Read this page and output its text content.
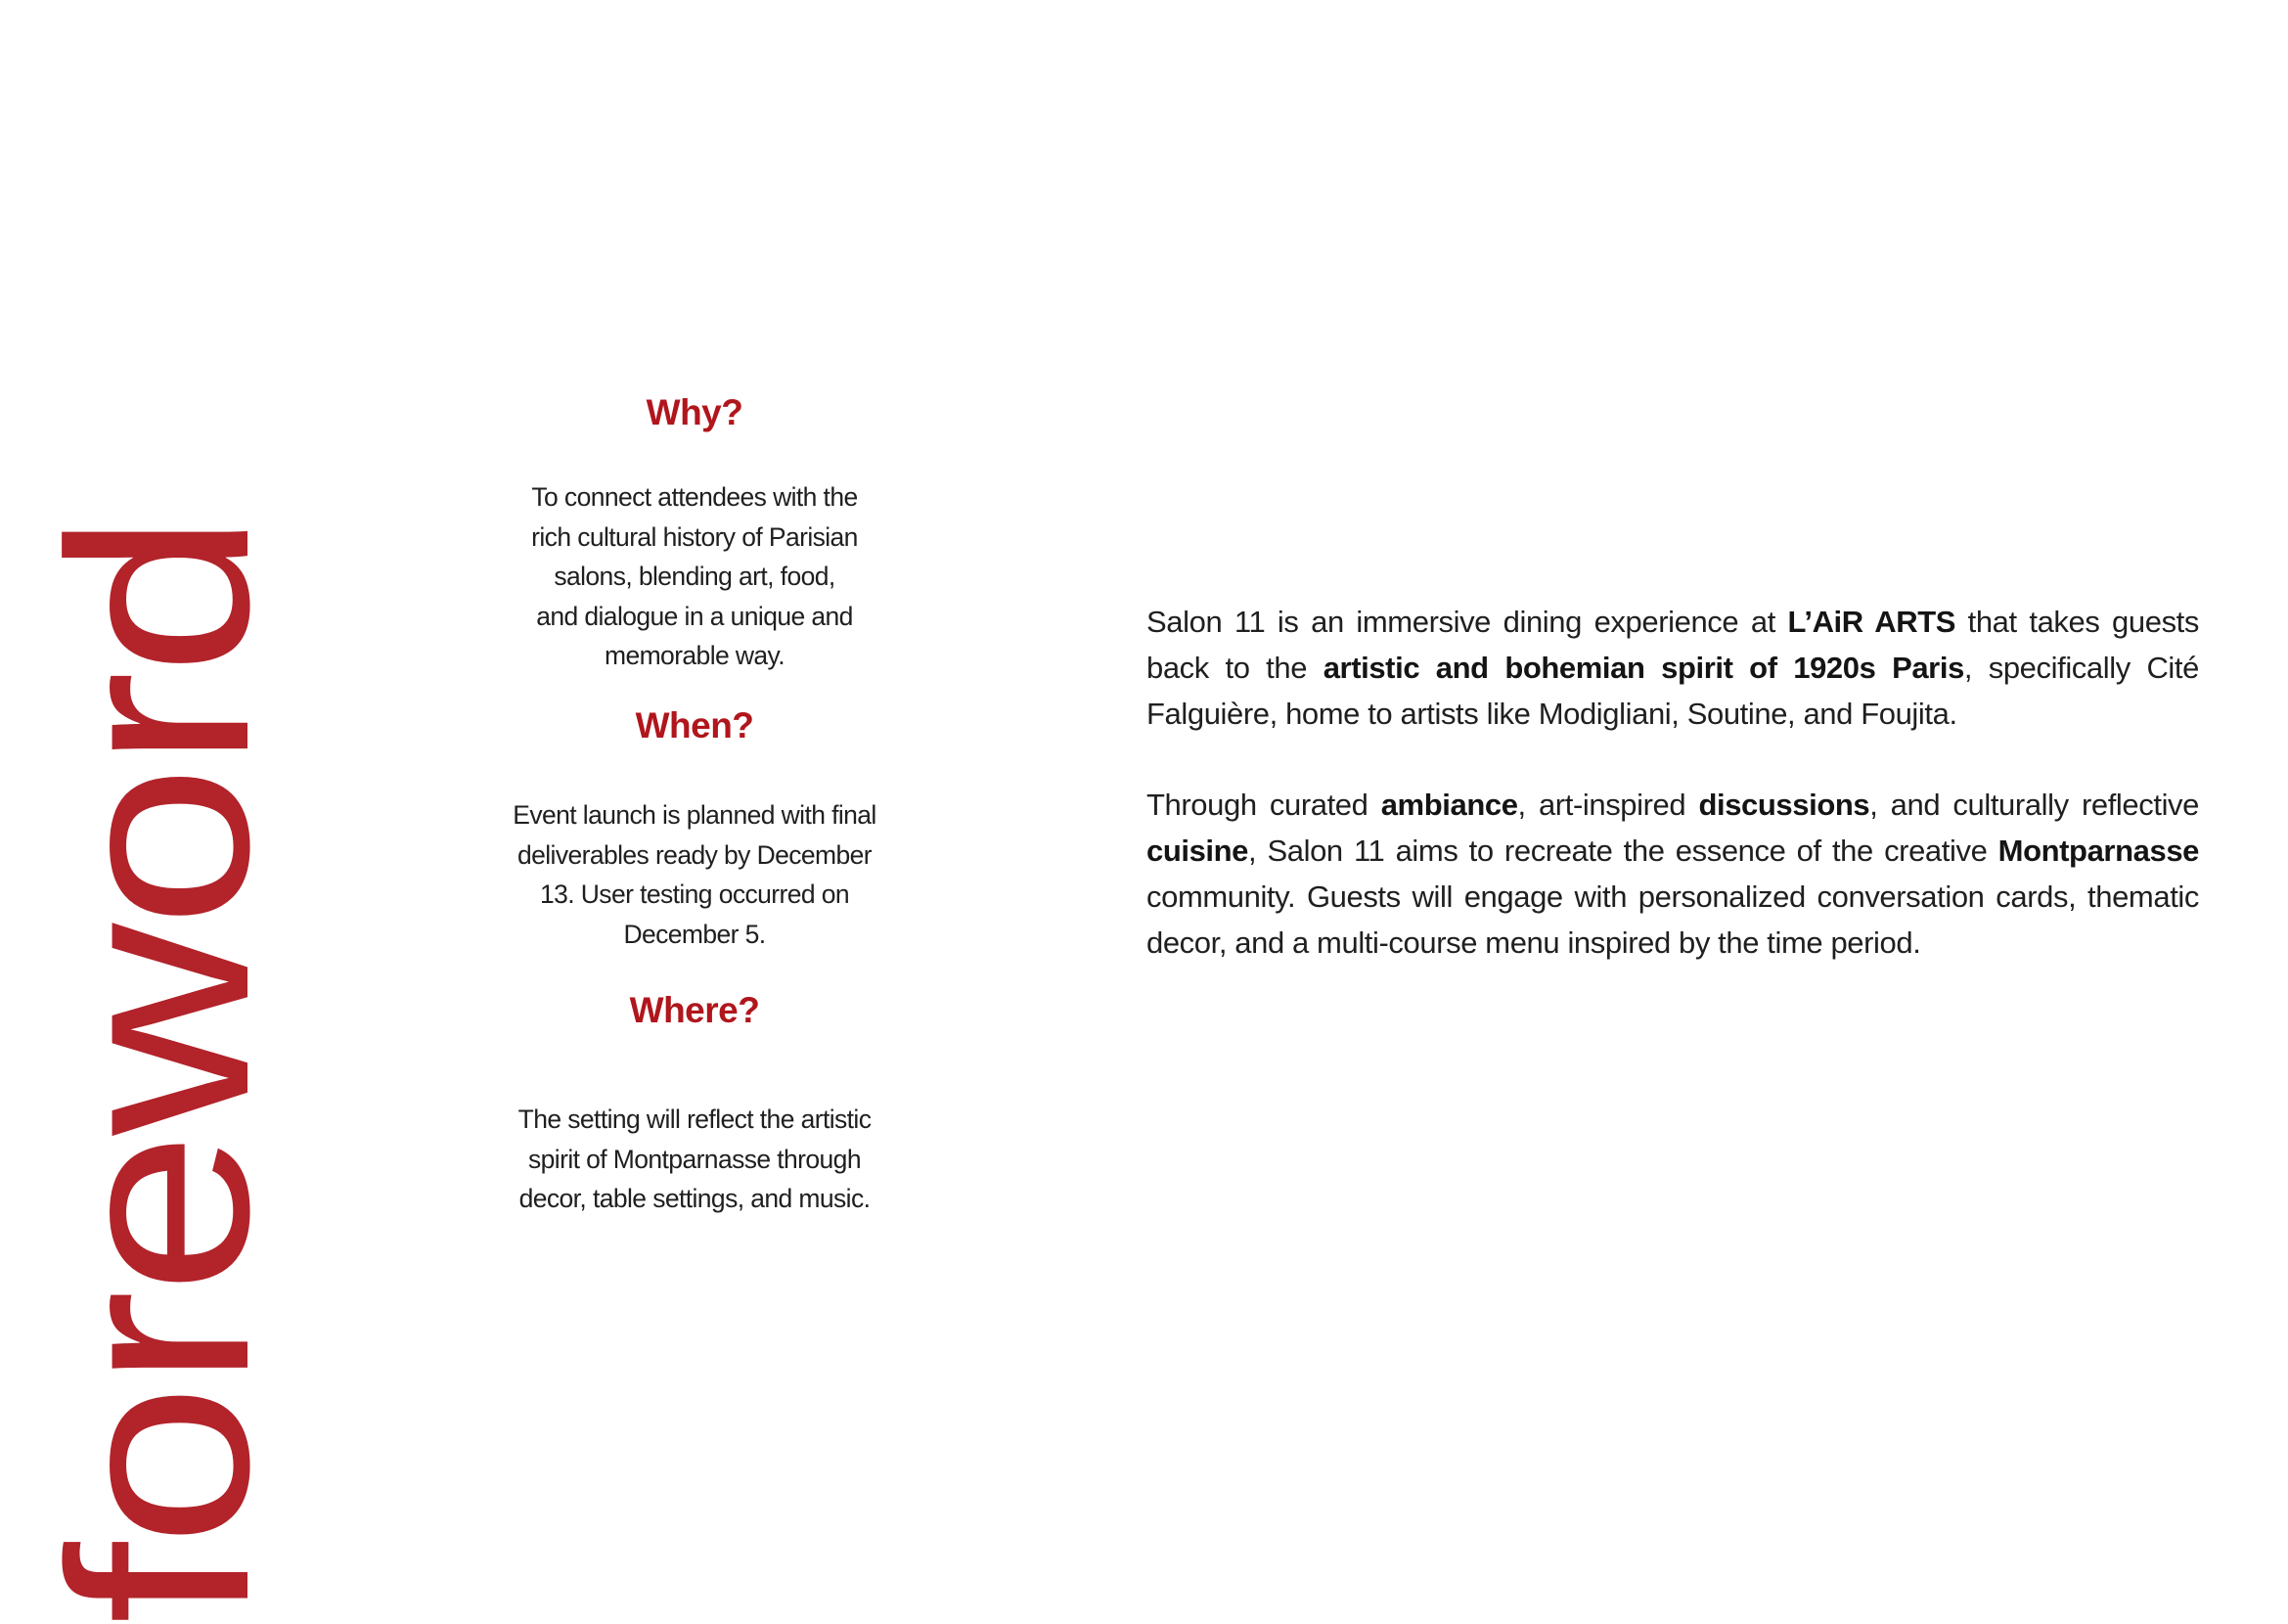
foreword
Why?

To connect attendees with the
rich cultural history of Parisian
salons, blending art, food,
and dialogue in a unique and
memorable way.

When?

Event launch is planned with final
deliverables ready by December
13. User testing occurred on
December 5.

Where?

The setting will reflect the artistic
spirit of Montparnasse through
decor, table settings, and music.

Salon 11 is an immersive dining experience at L’AiR ARTS that takes guests back to the artistic and bohemian spirit of 1920s Paris, specifically Cité Falguière, home to artists like Modigliani, Soutine, and Foujita.

Through curated ambiance, art-inspired discussions, and culturally reflective cuisine, Salon 11 aims to recreate the essence of the creative Montparnasse community. Guests will engage with personalized conversation cards, thematic decor, and a multi-course menu inspired by the time period.
